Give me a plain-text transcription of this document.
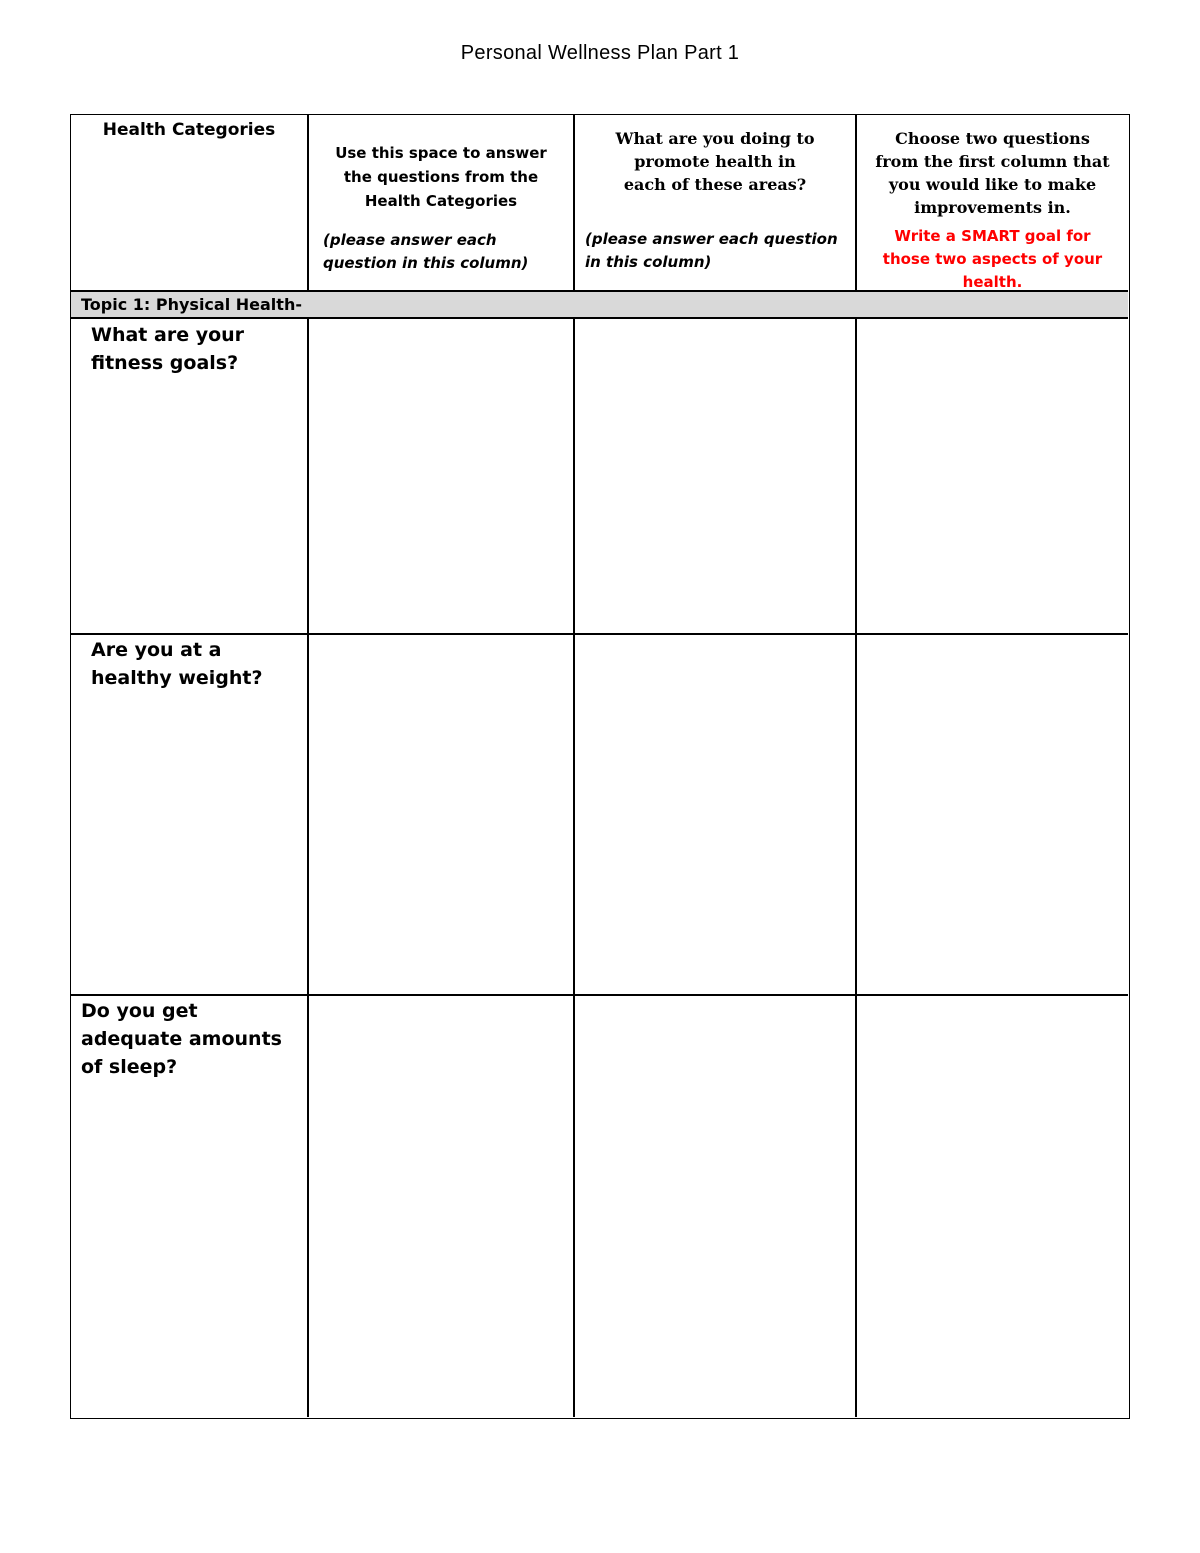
Personal Wellness Plan Part 1
Topic 1: Physical Health-
Health Categories
Use this space to answer the questions from the Health Categories
(please answer each question in this column)
What are you doing to promote health in each of these areas?
(please answer each question in this column)
Choose two questions from the first column that you would like to make improvements in.
Write a SMART goal for those two aspects of your health.
What are your fitness goals?
Are you at a healthy weight?
Do you get adequate amounts of sleep?
